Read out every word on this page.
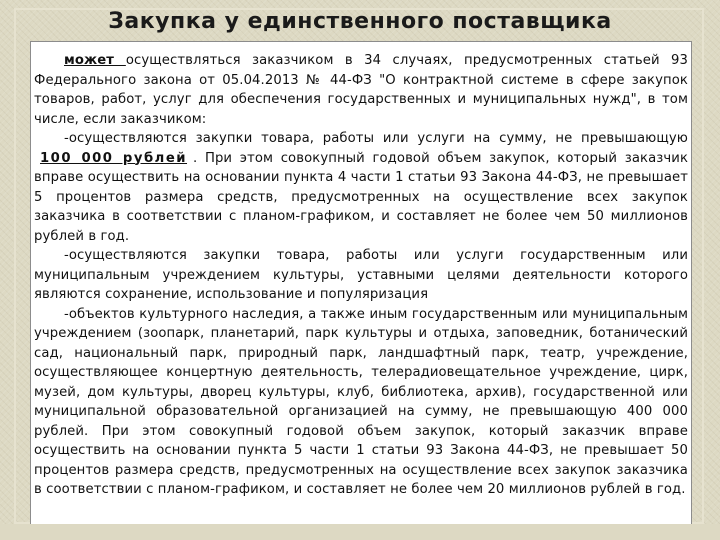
Закупка у единственного поставщика

может осуществляться заказчиком в 34 случаях, предусмотренных статьей 93 Федерального закона от 05.04.2013 № 44-ФЗ "О контрактной системе в сфере закупок товаров, работ, услуг для обеспечения государственных и муниципальных нужд", в том числе, если заказчиком:

-осуществляются закупки товара, работы или услуги на сумму, не превышающую 100 000 рублей . При этом совокупный годовой объем закупок, который заказчик вправе осуществить на основании пункта 4 части 1 статьи 93 Закона 44-ФЗ, не превышает 5 процентов размера средств, предусмотренных на осуществление всех закупок заказчика в соответствии с планом-графиком, и составляет не более чем 50 миллионов рублей в год.

-осуществляются закупки товара, работы или услуги государственным или муниципальным учреждением культуры, уставными целями деятельности которого являются сохранение, использование и популяризация

-объектов культурного наследия, а также иным государственным или муниципальным учреждением (зоопарк, планетарий, парк культуры и отдыха, заповедник, ботанический сад, национальный парк, природный парк, ландшафтный парк, театр, учреждение, осуществляющее концертную деятельность, телерадиовещательное учреждение, цирк, музей, дом культуры, дворец культуры, клуб, библиотека, архив), государственной или муниципальной образовательной организацией на сумму, не превышающую 400 000 рублей. При этом совокупный годовой объем закупок, который заказчик вправе осуществить на основании пункта 5 части 1 статьи 93 Закона 44-ФЗ, не превышает 50 процентов размера средств, предусмотренных на осуществление всех закупок заказчика в соответствии с планом-графиком, и составляет не более чем 20 миллионов рублей в год.
